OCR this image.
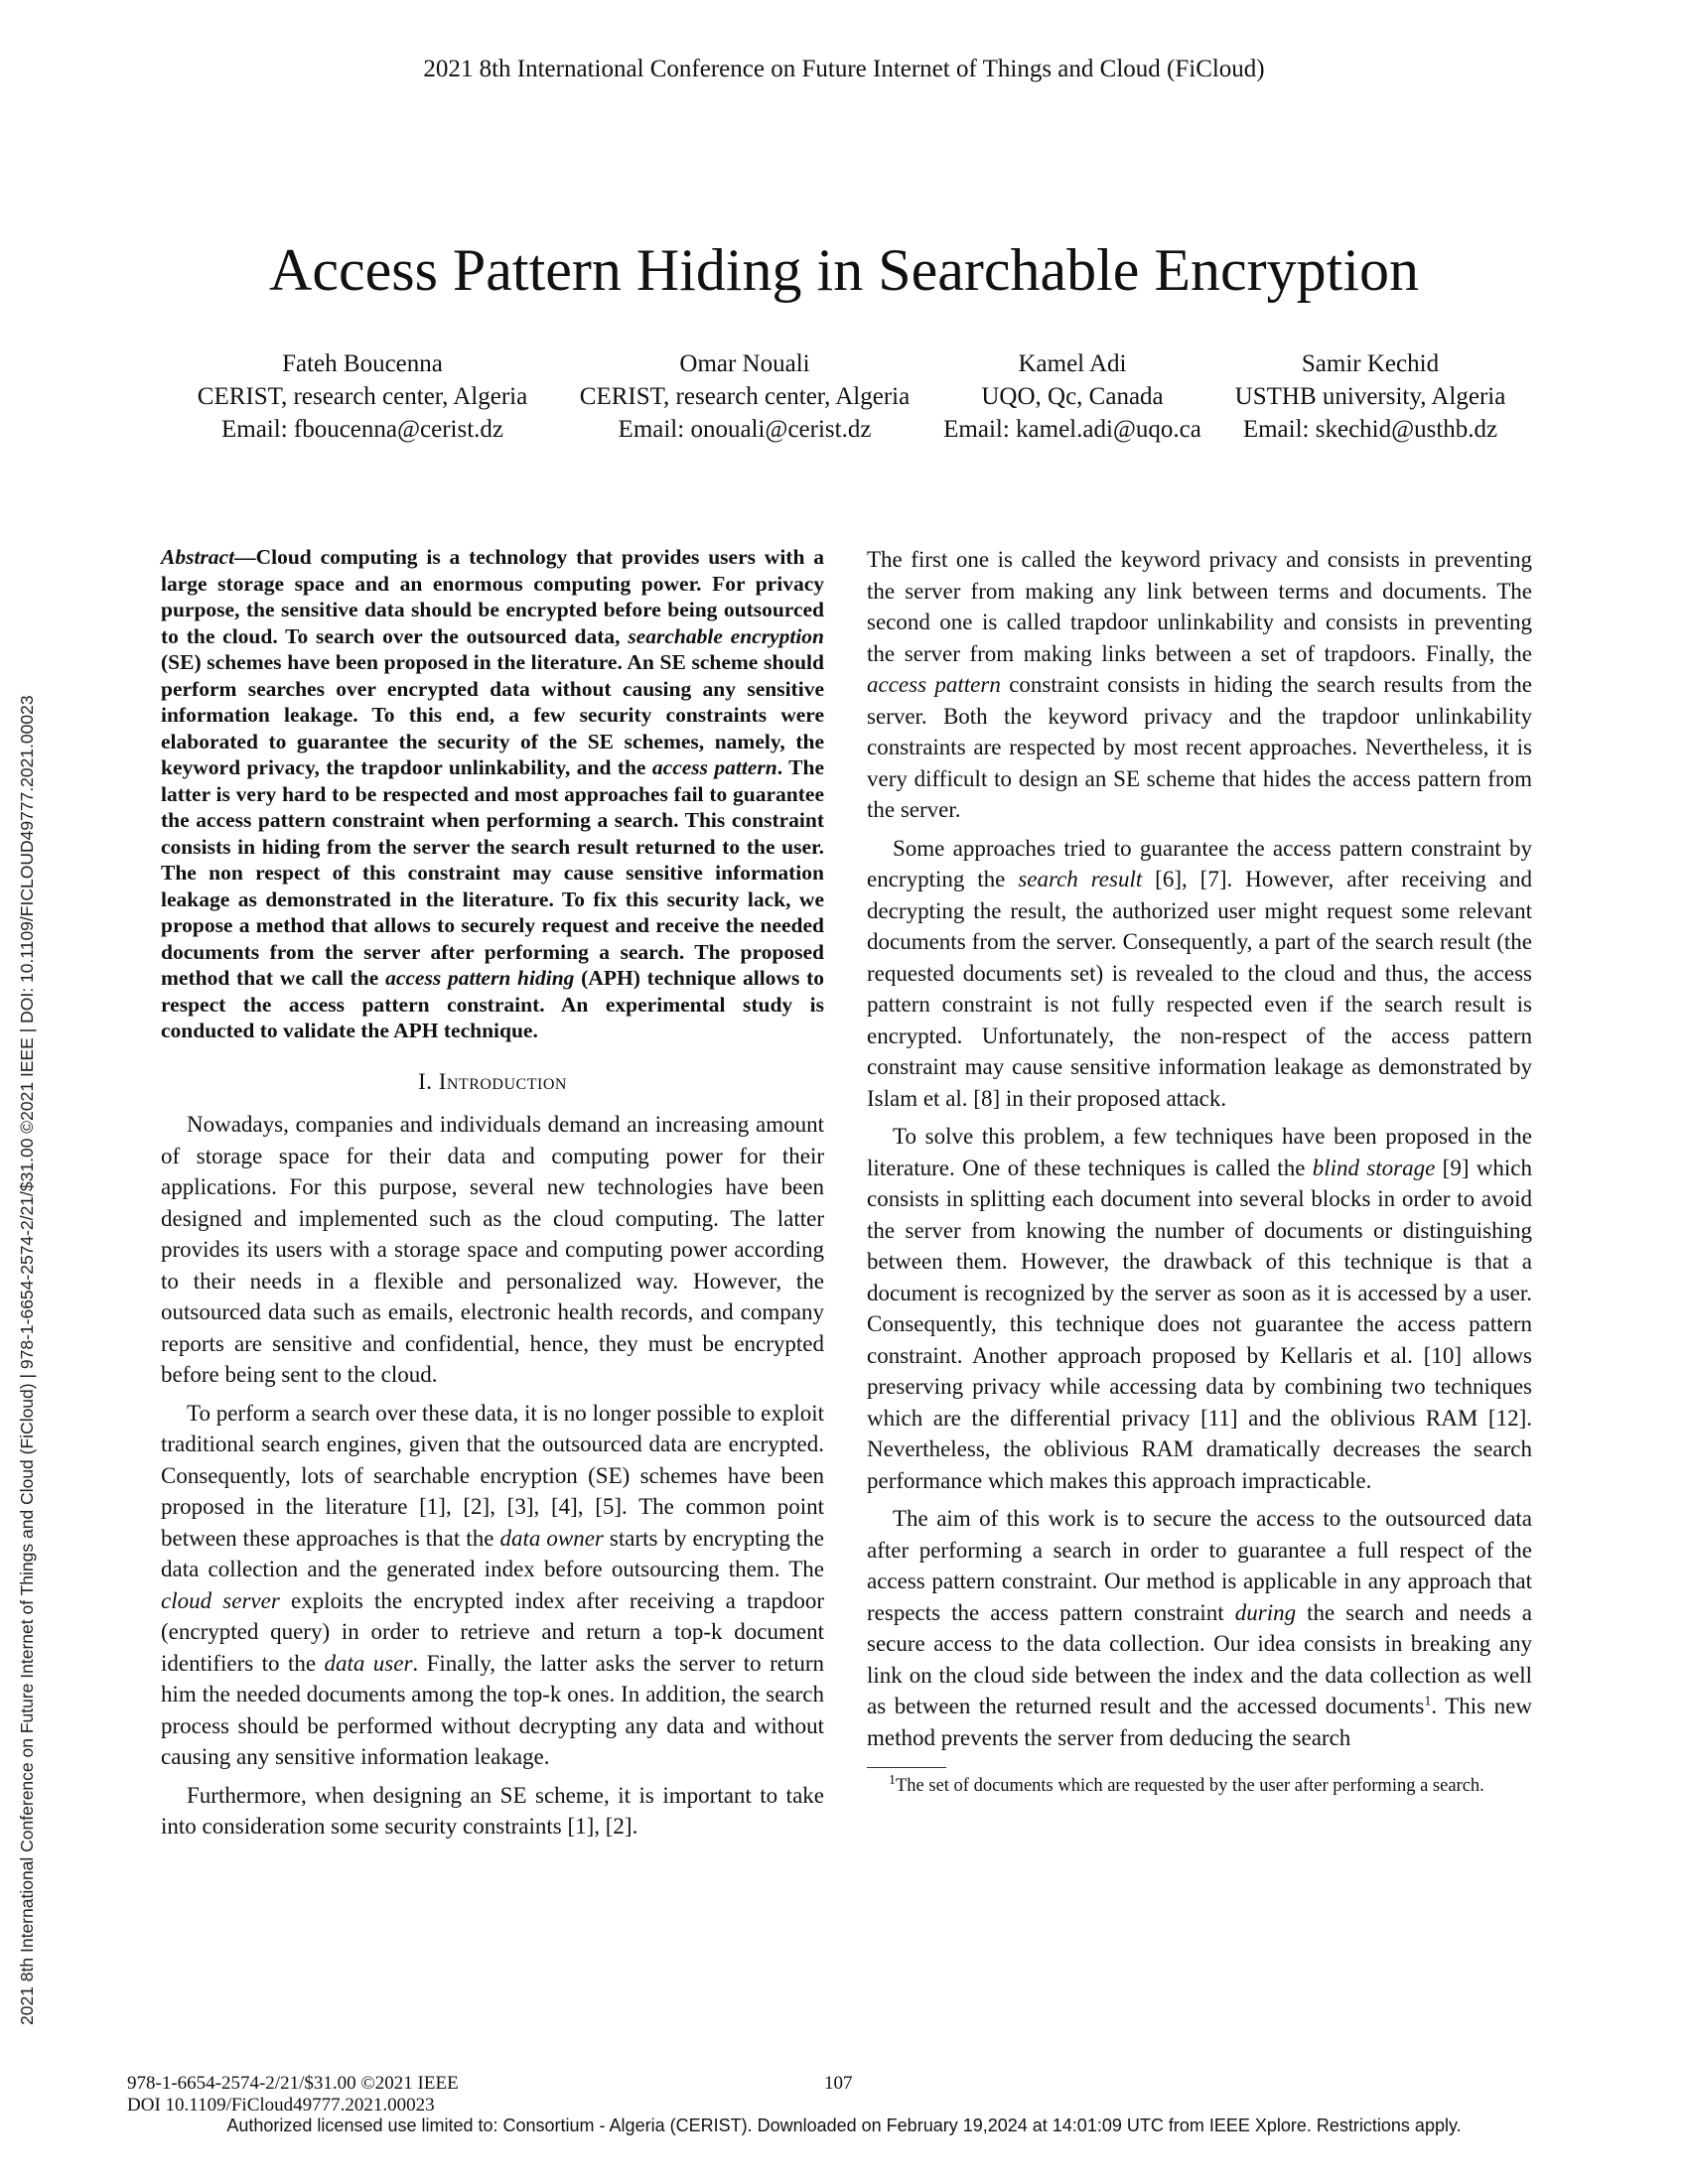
2021 8th International Conference on Future Internet of Things and Cloud (FiCloud)
Access Pattern Hiding in Searchable Encryption
Fateh Boucenna
CERIST, research center, Algeria
Email: fboucenna@cerist.dz
Omar Nouali
CERIST, research center, Algeria
Email: onouali@cerist.dz
Kamel Adi
UQO, Qc, Canada
Email: kamel.adi@uqo.ca
Samir Kechid
USTHB university, Algeria
Email: skechid@usthb.dz
2021 8th International Conference on Future Internet of Things and Cloud (FiCloud) | 978-1-6654-2574-2/21/$31.00 ©2021 IEEE | DOI: 10.1109/FICLOUD49777.2021.00023
Abstract—Cloud computing is a technology that provides users with a large storage space and an enormous computing power. For privacy purpose, the sensitive data should be encrypted before being outsourced to the cloud. To search over the outsourced data, searchable encryption (SE) schemes have been proposed in the literature. An SE scheme should perform searches over encrypted data without causing any sensitive information leakage. To this end, a few security constraints were elaborated to guarantee the security of the SE schemes, namely, the keyword privacy, the trapdoor unlinkability, and the access pattern. The latter is very hard to be respected and most approaches fail to guarantee the access pattern constraint when performing a search. This constraint consists in hiding from the server the search result returned to the user. The non respect of this constraint may cause sensitive information leakage as demonstrated in the literature. To fix this security lack, we propose a method that allows to securely request and receive the needed documents from the server after performing a search. The proposed method that we call the access pattern hiding (APH) technique allows to respect the access pattern constraint. An experimental study is conducted to validate the APH technique.
I. Introduction

Nowadays, companies and individuals demand an increasing amount of storage space for their data and computing power for their applications. For this purpose, several new technologies have been designed and implemented such as the cloud computing. The latter provides its users with a storage space and computing power according to their needs in a flexible and personalized way. However, the outsourced data such as emails, electronic health records, and company reports are sensitive and confidential, hence, they must be encrypted before being sent to the cloud.

To perform a search over these data, it is no longer possible to exploit traditional search engines, given that the outsourced data are encrypted. Consequently, lots of searchable encryption (SE) schemes have been proposed in the literature [1], [2], [3], [4], [5]. The common point between these approaches is that the data owner starts by encrypting the data collection and the generated index before outsourcing them. The cloud server exploits the encrypted index after receiving a trapdoor (encrypted query) in order to retrieve and return a top-k document identifiers to the data user. Finally, the latter asks the server to return him the needed documents among the top-k ones. In addition, the search process should be performed without decrypting any data and without causing any sensitive information leakage.

Furthermore, when designing an SE scheme, it is important to take into consideration some security constraints [1], [2].

The first one is called the keyword privacy and consists in preventing the server from making any link between terms and documents. The second one is called trapdoor unlinkability and consists in preventing the server from making links between a set of trapdoors. Finally, the access pattern constraint consists in hiding the search results from the server. Both the keyword privacy and the trapdoor unlinkability constraints are respected by most recent approaches. Nevertheless, it is very difficult to design an SE scheme that hides the access pattern from the server.

Some approaches tried to guarantee the access pattern constraint by encrypting the search result [6], [7]. However, after receiving and decrypting the result, the authorized user might request some relevant documents from the server. Consequently, a part of the search result (the requested documents set) is revealed to the cloud and thus, the access pattern constraint is not fully respected even if the search result is encrypted. Unfortunately, the non-respect of the access pattern constraint may cause sensitive information leakage as demonstrated by Islam et al. [8] in their proposed attack.

To solve this problem, a few techniques have been proposed in the literature. One of these techniques is called the blind storage [9] which consists in splitting each document into several blocks in order to avoid the server from knowing the number of documents or distinguishing between them. However, the drawback of this technique is that a document is recognized by the server as soon as it is accessed by a user. Consequently, this technique does not guarantee the access pattern constraint. Another approach proposed by Kellaris et al. [10] allows preserving privacy while accessing data by combining two techniques which are the differential privacy [11] and the oblivious RAM [12]. Nevertheless, the oblivious RAM dramatically decreases the search performance which makes this approach impracticable.

The aim of this work is to secure the access to the outsourced data after performing a search in order to guarantee a full respect of the access pattern constraint. Our method is applicable in any approach that respects the access pattern constraint during the search and needs a secure access to the data collection. Our idea consists in breaking any link on the cloud side between the index and the data collection as well as between the returned result and the accessed documents$^1$. This new method prevents the server from deducing the search

$^1$The set of documents which are requested by the user after performing a search.
978-1-6654-2574-2/21/$31.00 ©2021 IEEE
DOI 10.1109/FiCloud49777.2021.00023
107
Authorized licensed use limited to: Consortium - Algeria (CERIST). Downloaded on February 19,2024 at 14:01:09 UTC from IEEE Xplore. Restrictions apply.
